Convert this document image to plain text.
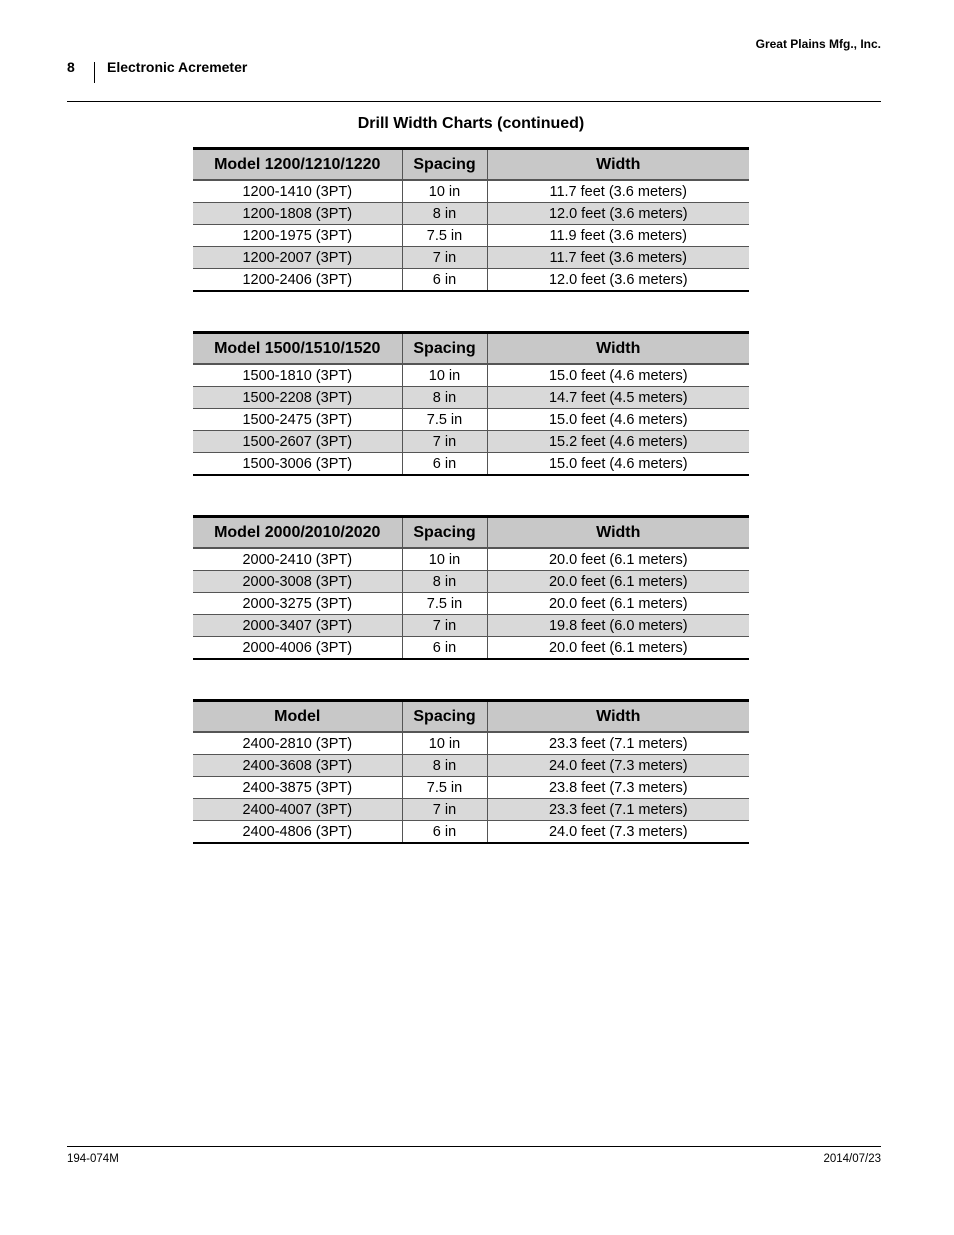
Great Plains Mfg., Inc.
8 Electronic Acremeter
Drill Width Charts (continued)
Model 1200/1210/1220	Spacing	Width
1200-1410 (3PT)	10 in	11.7 feet (3.6 meters)
1200-1808 (3PT)	8 in	12.0 feet (3.6 meters)
1200-1975 (3PT)	7.5 in	11.9 feet (3.6 meters)
1200-2007 (3PT)	7 in	11.7 feet (3.6 meters)
1200-2406 (3PT)	6 in	12.0 feet (3.6 meters)
Model 1500/1510/1520	Spacing	Width
1500-1810 (3PT)	10 in	15.0 feet (4.6 meters)
1500-2208 (3PT)	8 in	14.7 feet (4.5 meters)
1500-2475 (3PT)	7.5 in	15.0 feet (4.6 meters)
1500-2607 (3PT)	7 in	15.2 feet (4.6 meters)
1500-3006 (3PT)	6 in	15.0 feet (4.6 meters)
Model 2000/2010/2020	Spacing	Width
2000-2410 (3PT)	10 in	20.0 feet (6.1 meters)
2000-3008 (3PT)	8 in	20.0 feet (6.1 meters)
2000-3275 (3PT)	7.5 in	20.0 feet (6.1 meters)
2000-3407 (3PT)	7 in	19.8 feet (6.0 meters)
2000-4006 (3PT)	6 in	20.0 feet (6.1 meters)
Model	Spacing	Width
2400-2810 (3PT)	10 in	23.3 feet (7.1 meters)
2400-3608 (3PT)	8 in	24.0 feet (7.3 meters)
2400-3875 (3PT)	7.5 in	23.8 feet (7.3 meters)
2400-4007 (3PT)	7 in	23.3 feet (7.1 meters)
2400-4806 (3PT)	6 in	24.0 feet (7.3 meters)
194-074M	2014/07/23
